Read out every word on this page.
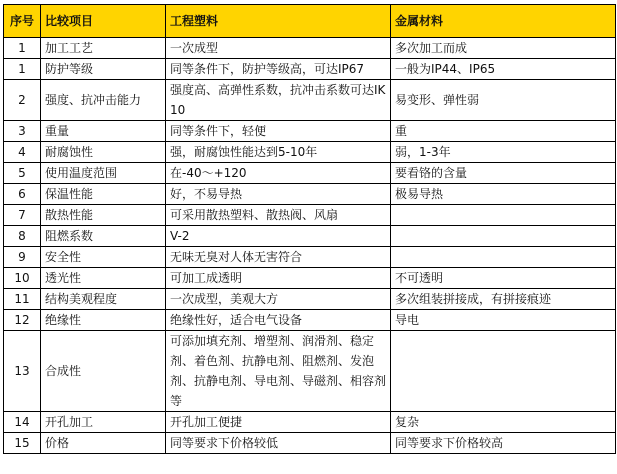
序号	比较项目	工程塑料	金属材料
1	加工工艺	一次成型	多次加工而成
1	防护等级	同等条件下，防护等级高，可达IP67	一般为IP44、IP65
2	强度、抗冲击能力	强度高、高弹性系数，抗冲击系数可达IK10	易变形、弹性弱
3	重量	同等条件下，轻便	重
4	耐腐蚀性	强，耐腐蚀性能达到5-10年	弱，1-3年
5	使用温度范围	在-40～+120	要看铬的含量
6	保温性能	好，不易导热	极易导热
7	散热性能	可采用散热塑料、散热阀、风扇	
8	阻燃系数	V-2	
9	安全性	无味无臭对人体无害符合	
10	透光性	可加工成透明	不可透明
11	结构美观程度	一次成型，美观大方	多次组装拼接成，有拼接痕迹
12	绝缘性	绝缘性好，适合电气设备	导电
13	合成性	可添加填充剂、增塑剂、润滑剂、稳定剂、着色剂、抗静电剂、阻燃剂、发泡剂、抗静电剂、导电剂、导磁剂、相容剂等	
14	开孔加工	开孔加工便捷	复杂
15	价格	同等要求下价格较低	同等要求下价格较高
